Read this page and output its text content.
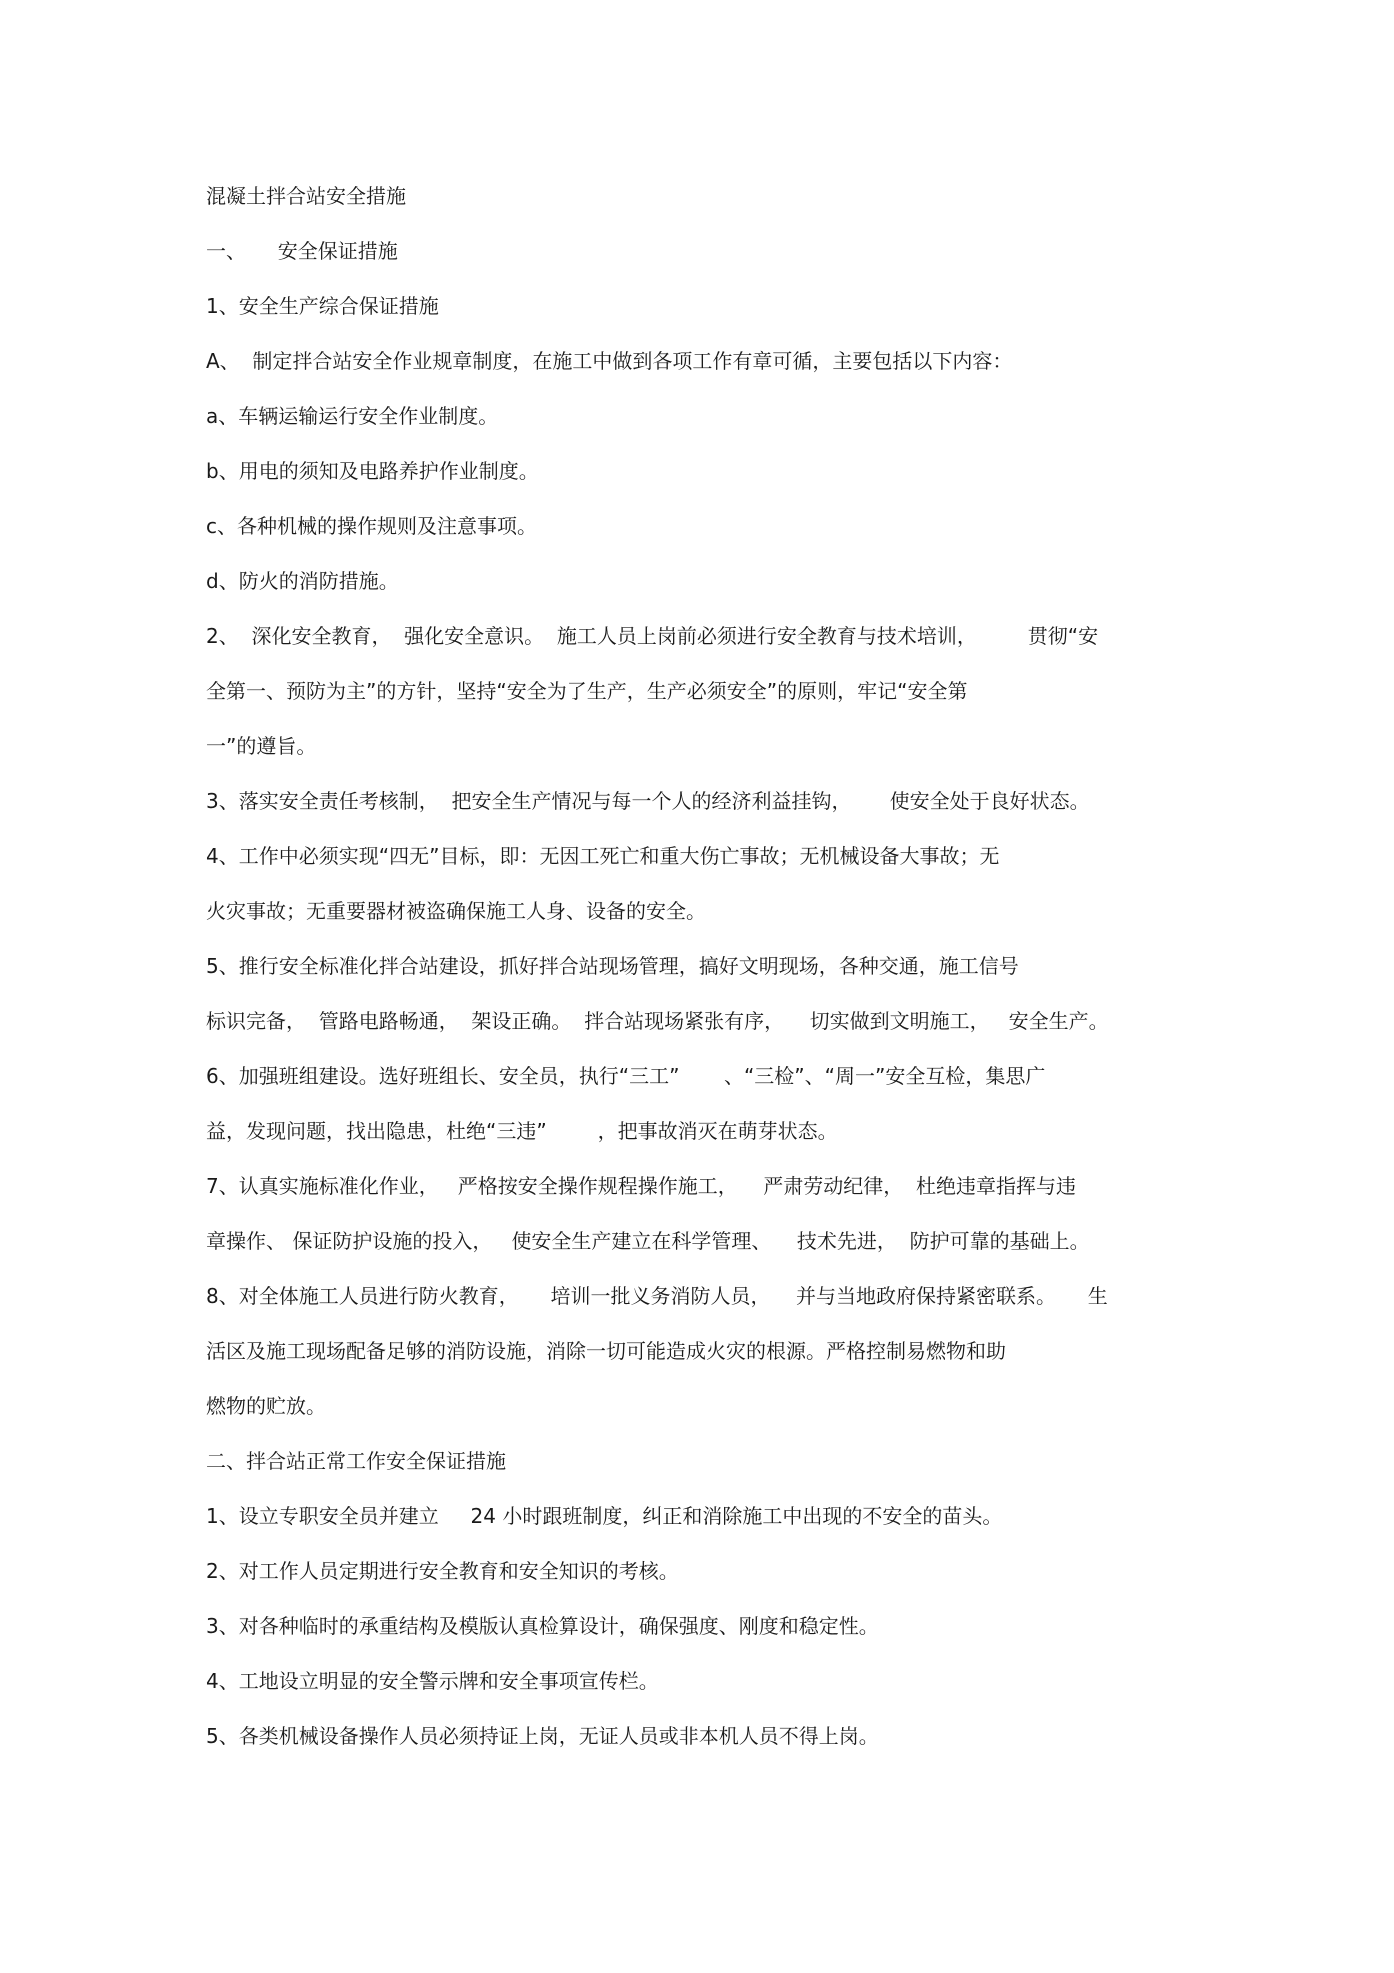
混凝土拌合站安全措施

一、     安全保证措施

1、安全生产综合保证措施

A、  制定拌合站安全作业规章制度，在施工中做到各项工作有章可循，主要包括以下内容：

a、车辆运输运行安全作业制度。

b、用电的须知及电路养护作业制度。

c、各种机械的操作规则及注意事项。

d、防火的消防措施。

2、  深化安全教育，  强化安全意识。  施工人员上岗前必须进行安全教育与技术培训，        贯彻“安

全第一、预防为主”的方针，坚持“安全为了生产，生产必须安全”的原则，牢记“安全第

一”的遵旨。

3、落实安全责任考核制，  把安全生产情况与每一个人的经济利益挂钩，      使安全处于良好状态。

4、工作中必须实现“四无”目标，即：无因工死亡和重大伤亡事故；无机械设备大事故；无

火灾事故；无重要器材被盗确保施工人身、设备的安全。

5、推行安全标准化拌合站建设，抓好拌合站现场管理，搞好文明现场，各种交通，施工信号

标识完备，  管路电路畅通，  架设正确。  拌合站现场紧张有序，    切实做到文明施工，   安全生产。

6、加强班组建设。选好班组长、安全员，执行“三工”       、“三检”、“周一”安全互检，集思广

益，发现问题，找出隐患，杜绝“三违”        ，把事故消灭在萌芽状态。

7、认真实施标准化作业，   严格按安全操作规程操作施工，    严肃劳动纪律，  杜绝违章指挥与违

章操作、 保证防护设施的投入，   使安全生产建立在科学管理、    技术先进，  防护可靠的基础上。

8、对全体施工人员进行防火教育，     培训一批义务消防人员，    并与当地政府保持紧密联系。     生

活区及施工现场配备足够的消防设施，消除一切可能造成火灾的根源。严格控制易燃物和助

燃物的贮放。

二、拌合站正常工作安全保证措施

1、设立专职安全员并建立     24 小时跟班制度，纠正和消除施工中出现的不安全的苗头。

2、对工作人员定期进行安全教育和安全知识的考核。

3、对各种临时的承重结构及模版认真检算设计，确保强度、刚度和稳定性。

4、工地设立明显的安全警示牌和安全事项宣传栏。

5、各类机械设备操作人员必须持证上岗，无证人员或非本机人员不得上岗。
